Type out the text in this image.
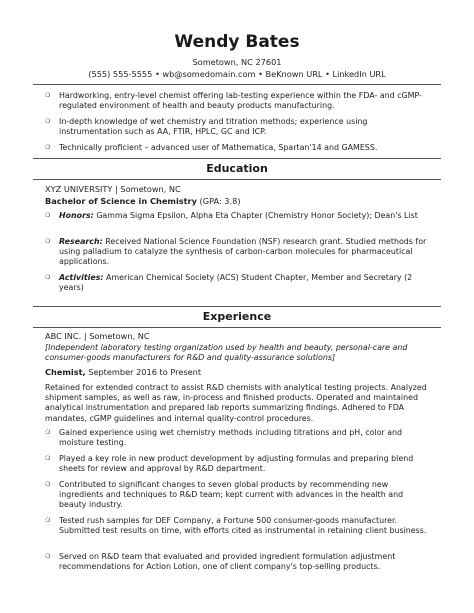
Wendy Bates
Sometown, NC 27601
(555) 555-5555 • wb@somedomain.com • BeKnown URL • LinkedIn URL
❍ Hardworking, entry-level chemist offering lab-testing experience within the FDA- and cGMP-regulated environment of health and beauty products manufacturing.
❍ In-depth knowledge of wet chemistry and titration methods; experience using instrumentation such as AA, FTIR, HPLC, GC and ICP.
❍ Technically proficient – advanced user of Mathematica, Spartan'14 and GAMESS.
Education
XYZ UNIVERSITY | Sometown, NC
Bachelor of Science in Chemistry (GPA: 3.8)
❍ Honors: Gamma Sigma Epsilon, Alpha Eta Chapter (Chemistry Honor Society); Dean's List
❍ Research: Received National Science Foundation (NSF) research grant. Studied methods for using palladium to catalyze the synthesis of carbon-carbon molecules for pharmaceutical applications.
❍ Activities: American Chemical Society (ACS) Student Chapter, Member and Secretary (2 years)
Experience
ABC INC. | Sometown, NC
[Independent laboratory testing organization used by health and beauty, personal-care and consumer-goods manufacturers for R&D and quality-assurance solutions]
Chemist, September 2016 to Present
Retained for extended contract to assist R&D chemists with analytical testing projects. Analyzed shipment samples, as well as raw, in-process and finished products. Operated and maintained analytical instrumentation and prepared lab reports summarizing findings. Adhered to FDA mandates, cGMP guidelines and internal quality-control procedures.
❍ Gained experience using wet chemistry methods including titrations and pH, color and moisture testing.
❍ Played a key role in new product development by adjusting formulas and preparing blend sheets for review and approval by R&D department.
❍ Contributed to significant changes to seven global products by recommending new ingredients and techniques to R&D team; kept current with advances in the health and beauty industry.
❍ Tested rush samples for DEF Company, a Fortune 500 consumer-goods manufacturer. Submitted test results on time, with efforts cited as instrumental in retaining client business.
❍ Served on R&D team that evaluated and provided ingredient formulation adjustment recommendations for Action Lotion, one of client company's top-selling products.
